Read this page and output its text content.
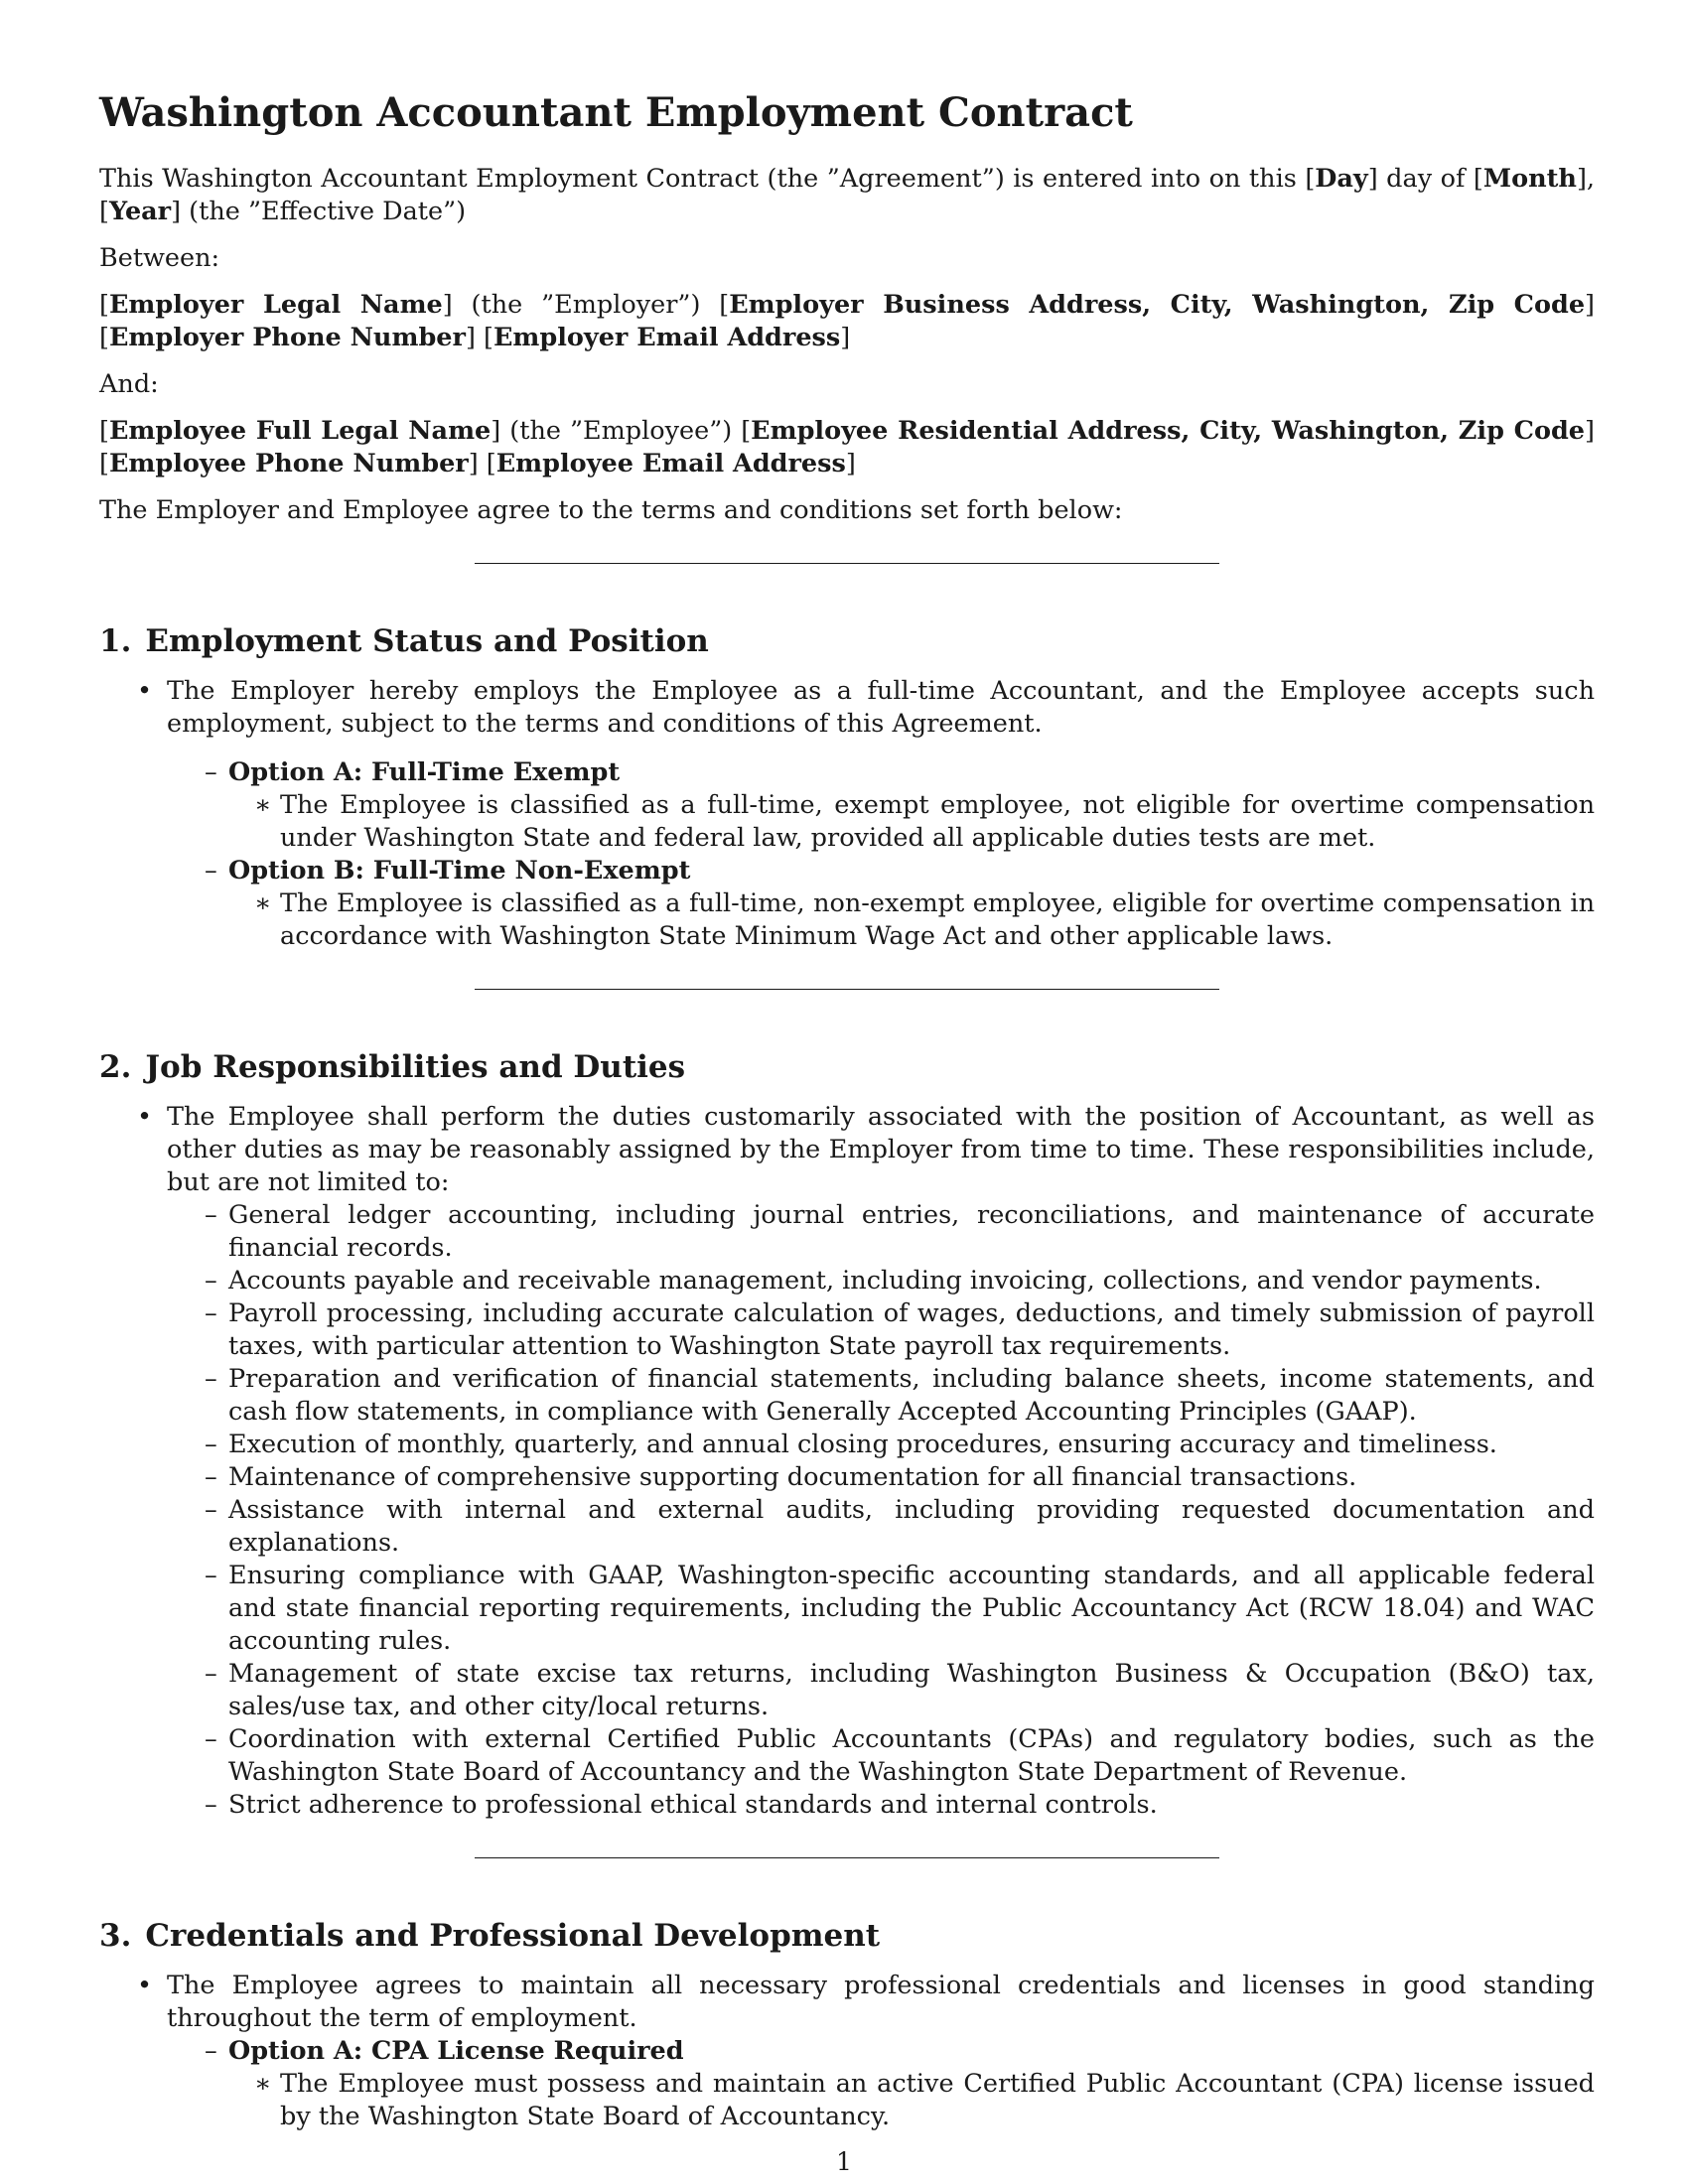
Washington Accountant Employment Contract

This Washington Accountant Employment Contract (the ”Agreement”) is entered into on this [Day] day of [Month], [Year] (the ”Effective Date”)

Between:

[Employer Legal Name] (the ”Employer”) [Employer Business Address, City, Washington, Zip Code] [Employer Phone Number] [Employer Email Address]

And:

[Employee Full Legal Name] (the ”Employee”) [Employee Residential Address, City, Washington, Zip Code] [Employee Phone Number] [Employee Email Address]

The Employer and Employee agree to the terms and conditions set forth below:

1. Employment Status and Position
• The Employer hereby employs the Employee as a full-time Accountant, and the Employee accepts such employment, subject to the terms and conditions of this Agreement.
– Option A: Full-Time Exempt
∗ The Employee is classified as a full-time, exempt employee, not eligible for overtime compensation under Washington State and federal law, provided all applicable duties tests are met.
– Option B: Full-Time Non-Exempt
∗ The Employee is classified as a full-time, non-exempt employee, eligible for overtime compensation in accordance with Washington State Minimum Wage Act and other applicable laws.
2. Job Responsibilities and Duties
• The Employee shall perform the duties customarily associated with the position of Accountant, as well as other duties as may be reasonably assigned by the Employer from time to time. These responsibilities include, but are not limited to:
– General ledger accounting, including journal entries, reconciliations, and maintenance of accurate financial records.
– Accounts payable and receivable management, including invoicing, collections, and vendor payments.
– Payroll processing, including accurate calculation of wages, deductions, and timely submission of payroll taxes, with particular attention to Washington State payroll tax requirements.
– Preparation and verification of financial statements, including balance sheets, income statements, and cash flow statements, in compliance with Generally Accepted Accounting Principles (GAAP).
– Execution of monthly, quarterly, and annual closing procedures, ensuring accuracy and timeliness.
– Maintenance of comprehensive supporting documentation for all financial transactions.
– Assistance with internal and external audits, including providing requested documentation and explanations.
– Ensuring compliance with GAAP, Washington-specific accounting standards, and all applicable federal and state financial reporting requirements, including the Public Accountancy Act (RCW 18.04) and WAC accounting rules.
– Management of state excise tax returns, including Washington Business & Occupation (B&O) tax, sales/use tax, and other city/local returns.
– Coordination with external Certified Public Accountants (CPAs) and regulatory bodies, such as the Washington State Board of Accountancy and the Washington State Department of Revenue.
– Strict adherence to professional ethical standards and internal controls.
3. Credentials and Professional Development
• The Employee agrees to maintain all necessary professional credentials and licenses in good standing throughout the term of employment.
– Option A: CPA License Required
∗ The Employee must possess and maintain an active Certified Public Accountant (CPA) license issued by the Washington State Board of Accountancy.
1
